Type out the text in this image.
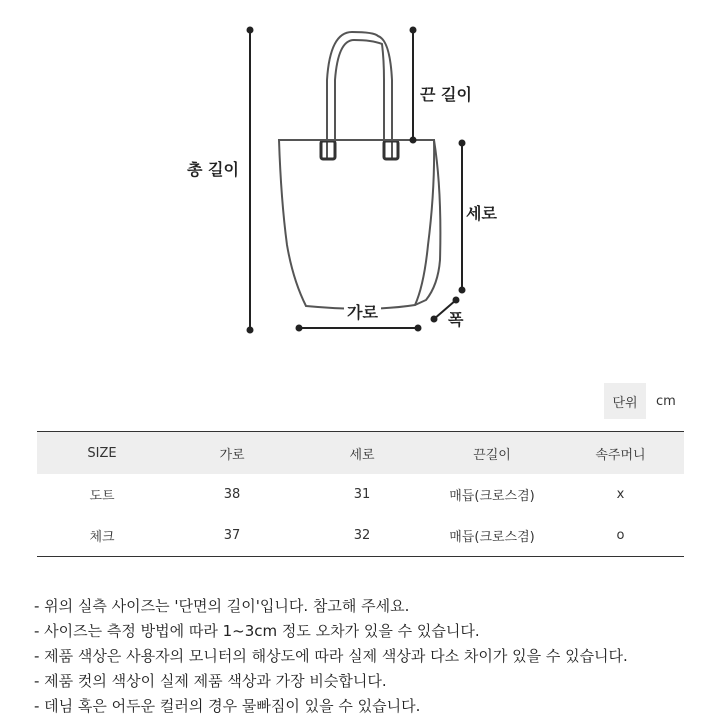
끈 길이
총 길이
세로
가로	폭
단위	cm
SIZE	가로	세로	끈길이	속주머니
도트	38	31	매듭(크로스겸)	x
체크	37	32	매듭(크로스겸)	o
- 위의 실측 사이즈는 '단면의 길이'입니다. 참고해 주세요.
- 사이즈는 측정 방법에 따라 1~3cm 정도 오차가 있을 수 있습니다.
- 제품 색상은 사용자의 모니터의 해상도에 따라 실제 색상과 다소 차이가 있을 수 있습니다.
- 제품 컷의 색상이 실제 제품 색상과 가장 비슷합니다.
- 데님 혹은 어두운 컬러의 경우 물빠짐이 있을 수 있습니다.
